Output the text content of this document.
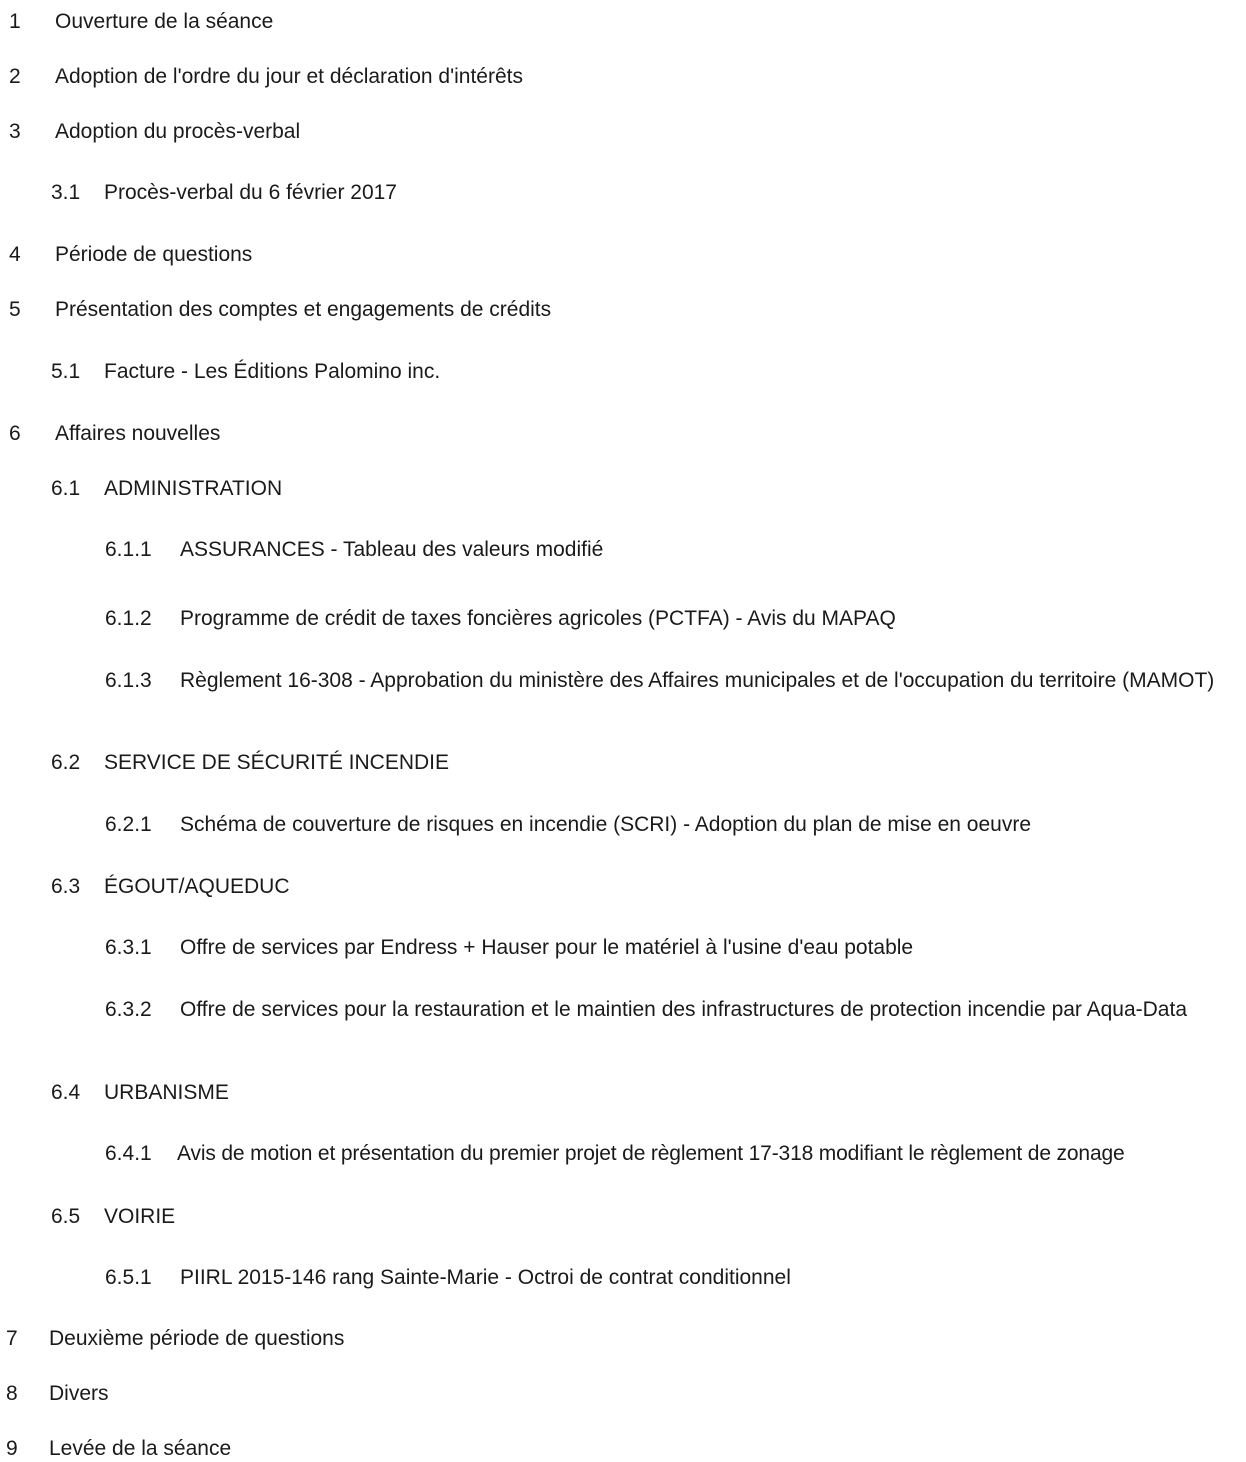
1 Ouverture de la séance
2 Adoption de l'ordre du jour et déclaration d'intérêts
3 Adoption du procès-verbal
3.1 Procès-verbal du 6 février 2017
4 Période de questions
5 Présentation des comptes et engagements de crédits
5.1 Facture - Les Éditions Palomino inc.
6 Affaires nouvelles
6.1 ADMINISTRATION
6.1.1 ASSURANCES - Tableau des valeurs modifié
6.1.2 Programme de crédit de taxes foncières agricoles (PCTFA) - Avis du MAPAQ
6.1.3 Règlement 16-308 - Approbation du ministère des Affaires municipales et de l'occupation du territoire (MAMOT)
6.2 SERVICE DE SÉCURITÉ INCENDIE
6.2.1 Schéma de couverture de risques en incendie (SCRI) - Adoption du plan de mise en oeuvre
6.3 ÉGOUT/AQUEDUC
6.3.1 Offre de services par Endress + Hauser pour le matériel à l'usine d'eau potable
6.3.2 Offre de services pour la restauration et le maintien des infrastructures de protection incendie par Aqua-Data
6.4 URBANISME
6.4.1 Avis de motion et présentation du premier projet de règlement 17-318 modifiant le règlement de zonage
6.5 VOIRIE
6.5.1 PIIRL 2015-146 rang Sainte-Marie - Octroi de contrat conditionnel
7 Deuxième période de questions
8 Divers
9 Levée de la séance
